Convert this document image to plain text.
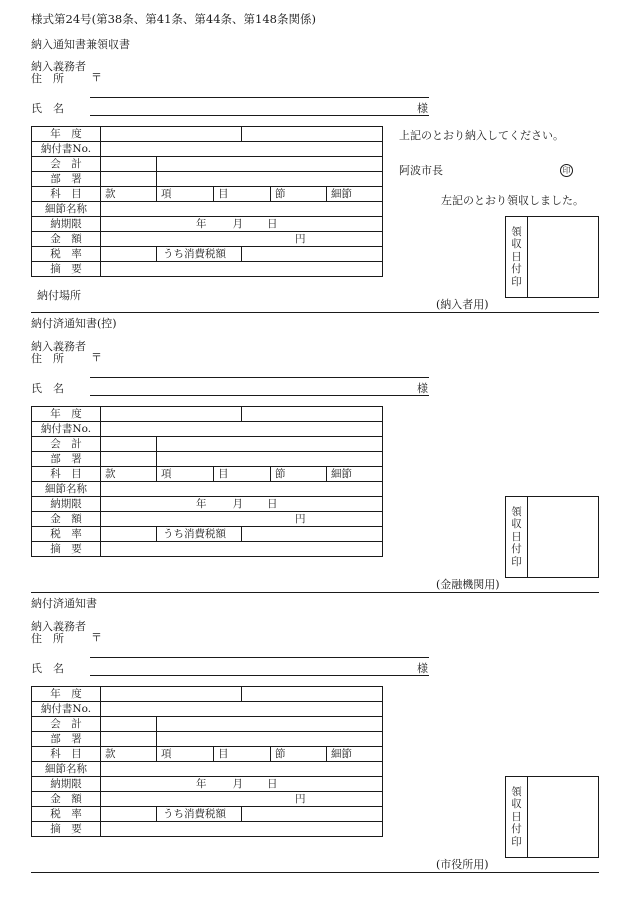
様式第24号(第38条、第41条、第44条、第148条関係)
納入通知書兼領収書
納入義務者
住　所 〒
氏　名	様
年　度						
納付書No.						
会　計						
部　署						
科　目	款	項	目		節	細節
細節名称						
納期限	年 月 日					
金　額	円					
税　率		うち消費税額				
摘　要						
上記のとおり納入してください。
阿波市長	印
左記のとおり領収しました。
領
収
日
付
印
納付場所
(納入者用)
納付済通知書(控)
納入義務者
住　所 〒
氏　名	様
年　度						
納付書No.						
会　計						
部　署						
科　目	款	項	目		節	細節
細節名称						
納期限	年 月 日					
金　額	円					
税　率		うち消費税額				
摘　要						
領
収
日
付
印
(金融機関用)
納付済通知書
納入義務者
住　所 〒
氏　名	様
年　度						
納付書No.						
会　計						
部　署						
科　目	款	項	目		節	細節
細節名称						
納期限	年 月 日					
金　額	円					
税　率		うち消費税額				
摘　要						
領
収
日
付
印
(市役所用)
